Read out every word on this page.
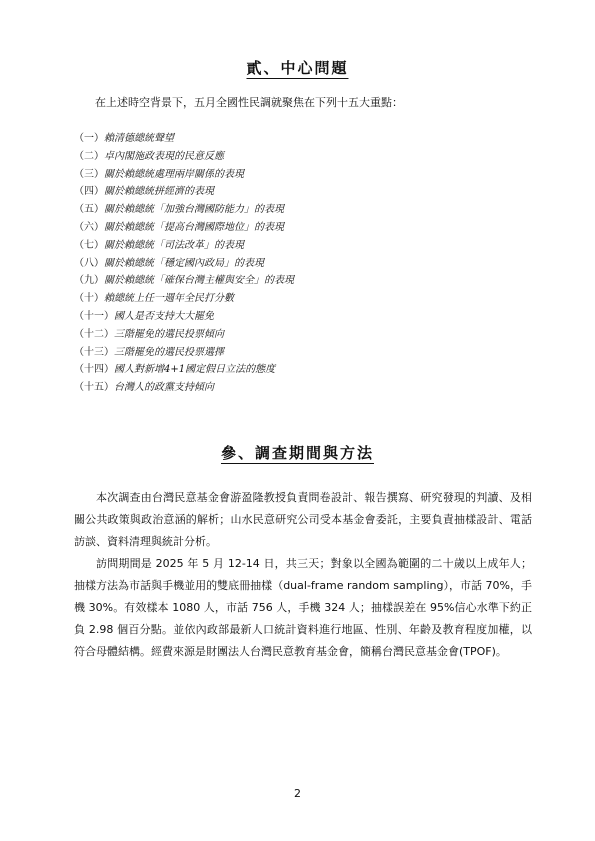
貳、中心問題
在上述時空背景下，五月全國性民調就聚焦在下列十五大重點：
（一）賴清德總統聲望
（二）卓內閣施政表現的民意反應
（三）關於賴總統處理兩岸關係的表現
（四）關於賴總統拼經濟的表現
（五）關於賴總統「加強台灣國防能力」的表現
（六）關於賴總統「提高台灣國際地位」的表現
（七）關於賴總統「司法改革」的表現
（八）關於賴總統「穩定國內政局」的表現
（九）關於賴總統「確保台灣主權與安全」的表現
（十）賴總統上任一週年全民打分數
（十一）國人是否支持大大罷免
（十二）三階罷免的選民投票傾向
（十三）三階罷免的選民投票選擇
（十四）國人對新增4+1國定假日立法的態度
（十五）台灣人的政黨支持傾向
參、調查期間與方法

本次調查由台灣民意基金會游盈隆教授負責問卷設計、報告撰寫、研究發現的判讀、及相關公共政策與政治意涵的解析；山水民意研究公司受本基金會委託，主要負責抽樣設計、電話訪談、資料清理與統計分析。

訪問期間是 2025 年 5 月 12-14 日，共三天；對象以全國為範圍的二十歲以上成年人；抽樣方法為市話與手機並用的雙底冊抽樣（dual-frame random sampling），市話 70%，手機 30%。有效樣本 1080 人，市話 756 人，手機 324 人；抽樣誤差在 95%信心水準下約正負 2.98 個百分點。並依內政部最新人口統計資料進行地區、性別、年齡及教育程度加權，以符合母體結構。經費來源是財團法人台灣民意教育基金會，簡稱台灣民意基金會(TPOF)。

2
